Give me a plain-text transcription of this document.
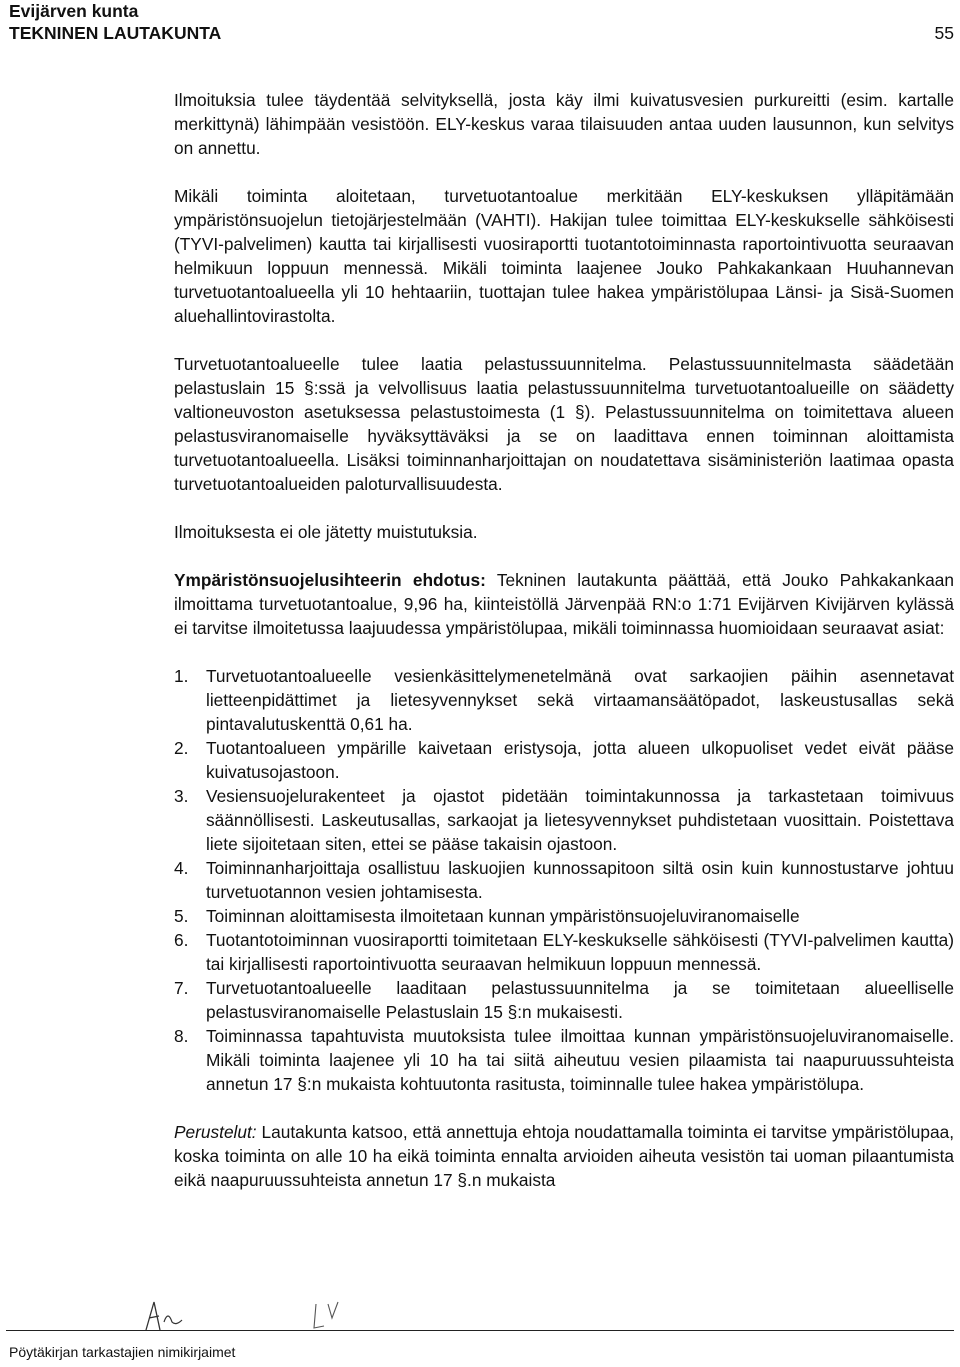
Evijärven kunta
TEKNINEN LAUTAKUNTA	55

Ilmoituksia tulee täydentää selvityksellä, josta käy ilmi kuivatusvesien purkureitti (esim. kartalle merkittynä) lähimpään vesistöön. ELY-keskus varaa tilaisuuden antaa uuden lausunnon, kun selvitys on annettu.

Mikäli toiminta aloitetaan, turvetuotantoalue merkitään ELY-keskuksen ylläpitämään ympäristönsuojelun tietojärjestelmään (VAHTI). Hakijan tulee toimittaa ELY-keskukselle sähköisesti (TYVI-palvelimen) kautta tai kirjallisesti vuosiraportti tuotantotoiminnasta raportointivuotta seuraavan helmikuun loppuun mennessä. Mikäli toiminta laajenee Jouko Pahkakankaan Huuhannevan turvetuotantoalueella yli 10 hehtaariin, tuottajan tulee hakea ympäristölupaa Länsi- ja Sisä-Suomen aluehallintovirastolta.

Turvetuotantoalueelle tulee laatia pelastussuunnitelma. Pelastussuunnitelmasta säädetään pelastuslain 15 §:ssä ja velvollisuus laatia pelastussuunnitelma turvetuotantoalueille on säädetty valtioneuvoston asetuksessa pelastustoimesta (1 §). Pelastussuunnitelma on toimitettava alueen pelastusviranomaiselle hyväksyttäväksi ja se on laadittava ennen toiminnan aloittamista turvetuotantoalueella. Lisäksi toiminnanharjoittajan on noudatettava sisäministeriön laatimaa opasta turvetuotantoalueiden paloturvallisuudesta.

Ilmoituksesta ei ole jätetty muistutuksia.

Ympäristönsuojelusihteerin ehdotus: Tekninen lautakunta päättää, että Jouko Pahkakankaan ilmoittama turvetuotantoalue, 9,96 ha, kiinteistöllä Järvenpää RN:o 1:71 Evijärven Kivijärven kylässä ei tarvitse ilmoitetussa laajuudessa ympäristölupaa, mikäli toiminnassa huomioidaan seuraavat asiat:

1.	Turvetuotantoalueelle vesienkäsittelymenetelmänä ovat sarkaojien päihin asennetavat lietteenpidättimet ja lietesyvennykset sekä virtaamansäätöpadot, laskeustusallas sekä pintavalutuskenttä 0,61 ha.
2.	Tuotantoalueen ympärille kaivetaan eristysoja, jotta alueen ulkopuoliset vedet eivät pääse kuivatusojastoon.
3.	Vesiensuojelurakenteet ja ojastot pidetään toimintakunnossa ja tarkastetaan toimivuus säännöllisesti. Laskeutusallas, sarkaojat ja lietesyvennykset puhdistetaan vuosittain. Poistettava liete sijoitetaan siten, ettei se pääse takaisin ojastoon.
4.	Toiminnanharjoittaja osallistuu laskuojien kunnossapitoon siltä osin kuin kunnostustarve johtuu turvetuotannon vesien johtamisesta.
5.	Toiminnan aloittamisesta ilmoitetaan kunnan ympäristönsuojeluviranomaiselle
6.	Tuotantotoiminnan vuosiraportti toimitetaan ELY-keskukselle sähköisesti (TYVI-palvelimen kautta) tai kirjallisesti raportointivuotta seuraavan helmikuun loppuun mennessä.
7.	Turvetuotantoalueelle laaditaan pelastussuunnitelma ja se toimitetaan alueelliselle pelastusviranomaiselle Pelastuslain 15 §:n mukaisesti.
8.	Toiminnassa tapahtuvista muutoksista tulee ilmoittaa kunnan ympäristönsuojeluviranomaiselle. Mikäli toiminta laajenee yli 10 ha tai siitä aiheutuu vesien pilaamista tai naapuruussuhteista annetun 17 §:n mukaista kohtuutonta rasitusta, toiminnalle tulee hakea ympäristölupa.

Perustelut: Lautakunta katsoo, että annettuja ehtoja noudattamalla toiminta ei tarvitse ympäristölupaa, koska toiminta on alle 10 ha eikä toiminta ennalta arvioiden aiheuta vesistön tai uoman pilaantumista eikä naapuruussuhteista annetun 17 §.n mukaista

Pöytäkirjan tarkastajien nimikirjaimet
